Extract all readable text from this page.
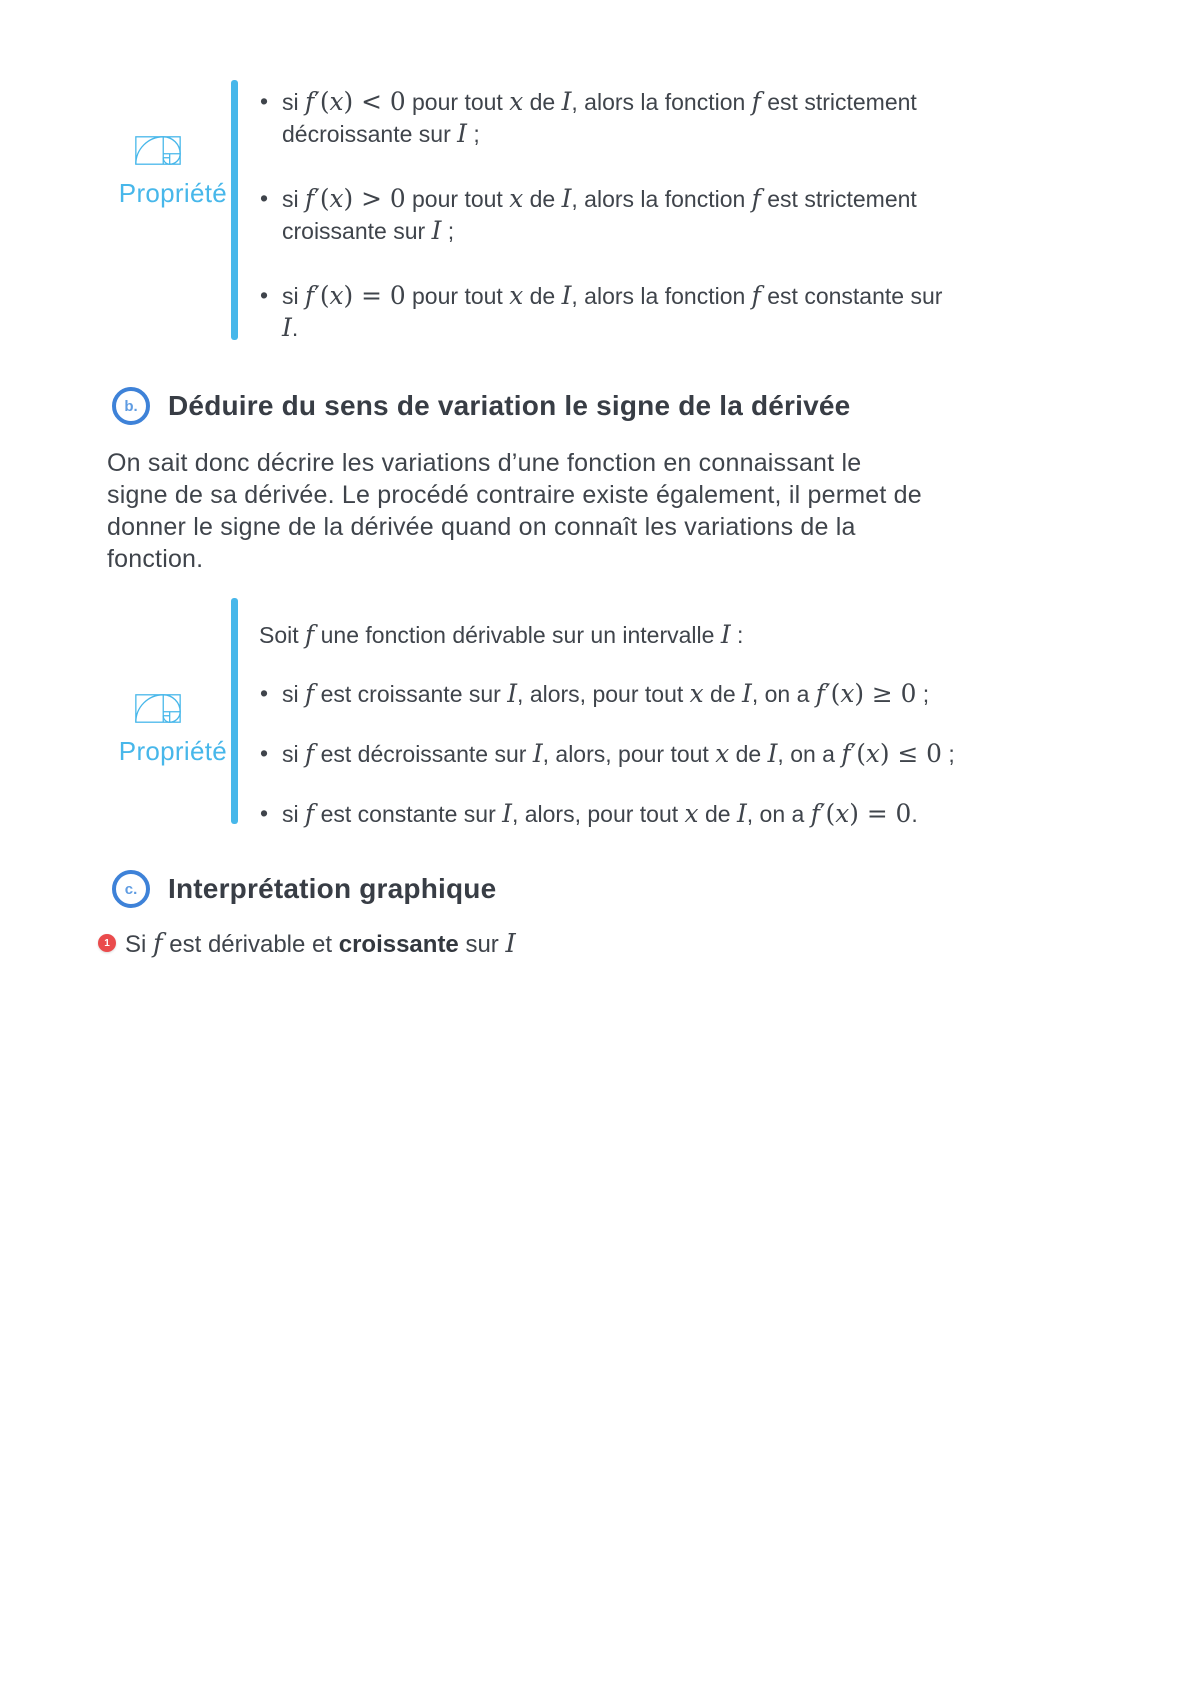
Propriété
• si f′(x) < 0 pour tout x de I, alors la fonction f est strictement
décroissante sur I ;
• si f′(x) > 0 pour tout x de I, alors la fonction f est strictement
croissante sur I ;
• si f′(x) = 0 pour tout x de I, alors la fonction f est constante sur
I.
b.	Déduire du sens de variation le signe de la dérivée

On sait donc décrire les variations d’une fonction en connaissant le
signe de sa dérivée. Le procédé contraire existe également, il permet de
donner le signe de la dérivée quand on connaît les variations de la
fonction.

Propriété
Soit f une fonction dérivable sur un intervalle I :
• si f est croissante sur I, alors, pour tout x de I, on a f′(x) ≥ 0 ;
• si f est décroissante sur I, alors, pour tout x de I, on a f′(x) ≤ 0 ;
• si f est constante sur I, alors, pour tout x de I, on a f′(x) = 0.
c.	Interprétation graphique
1 Si f est dérivable et croissante sur I
